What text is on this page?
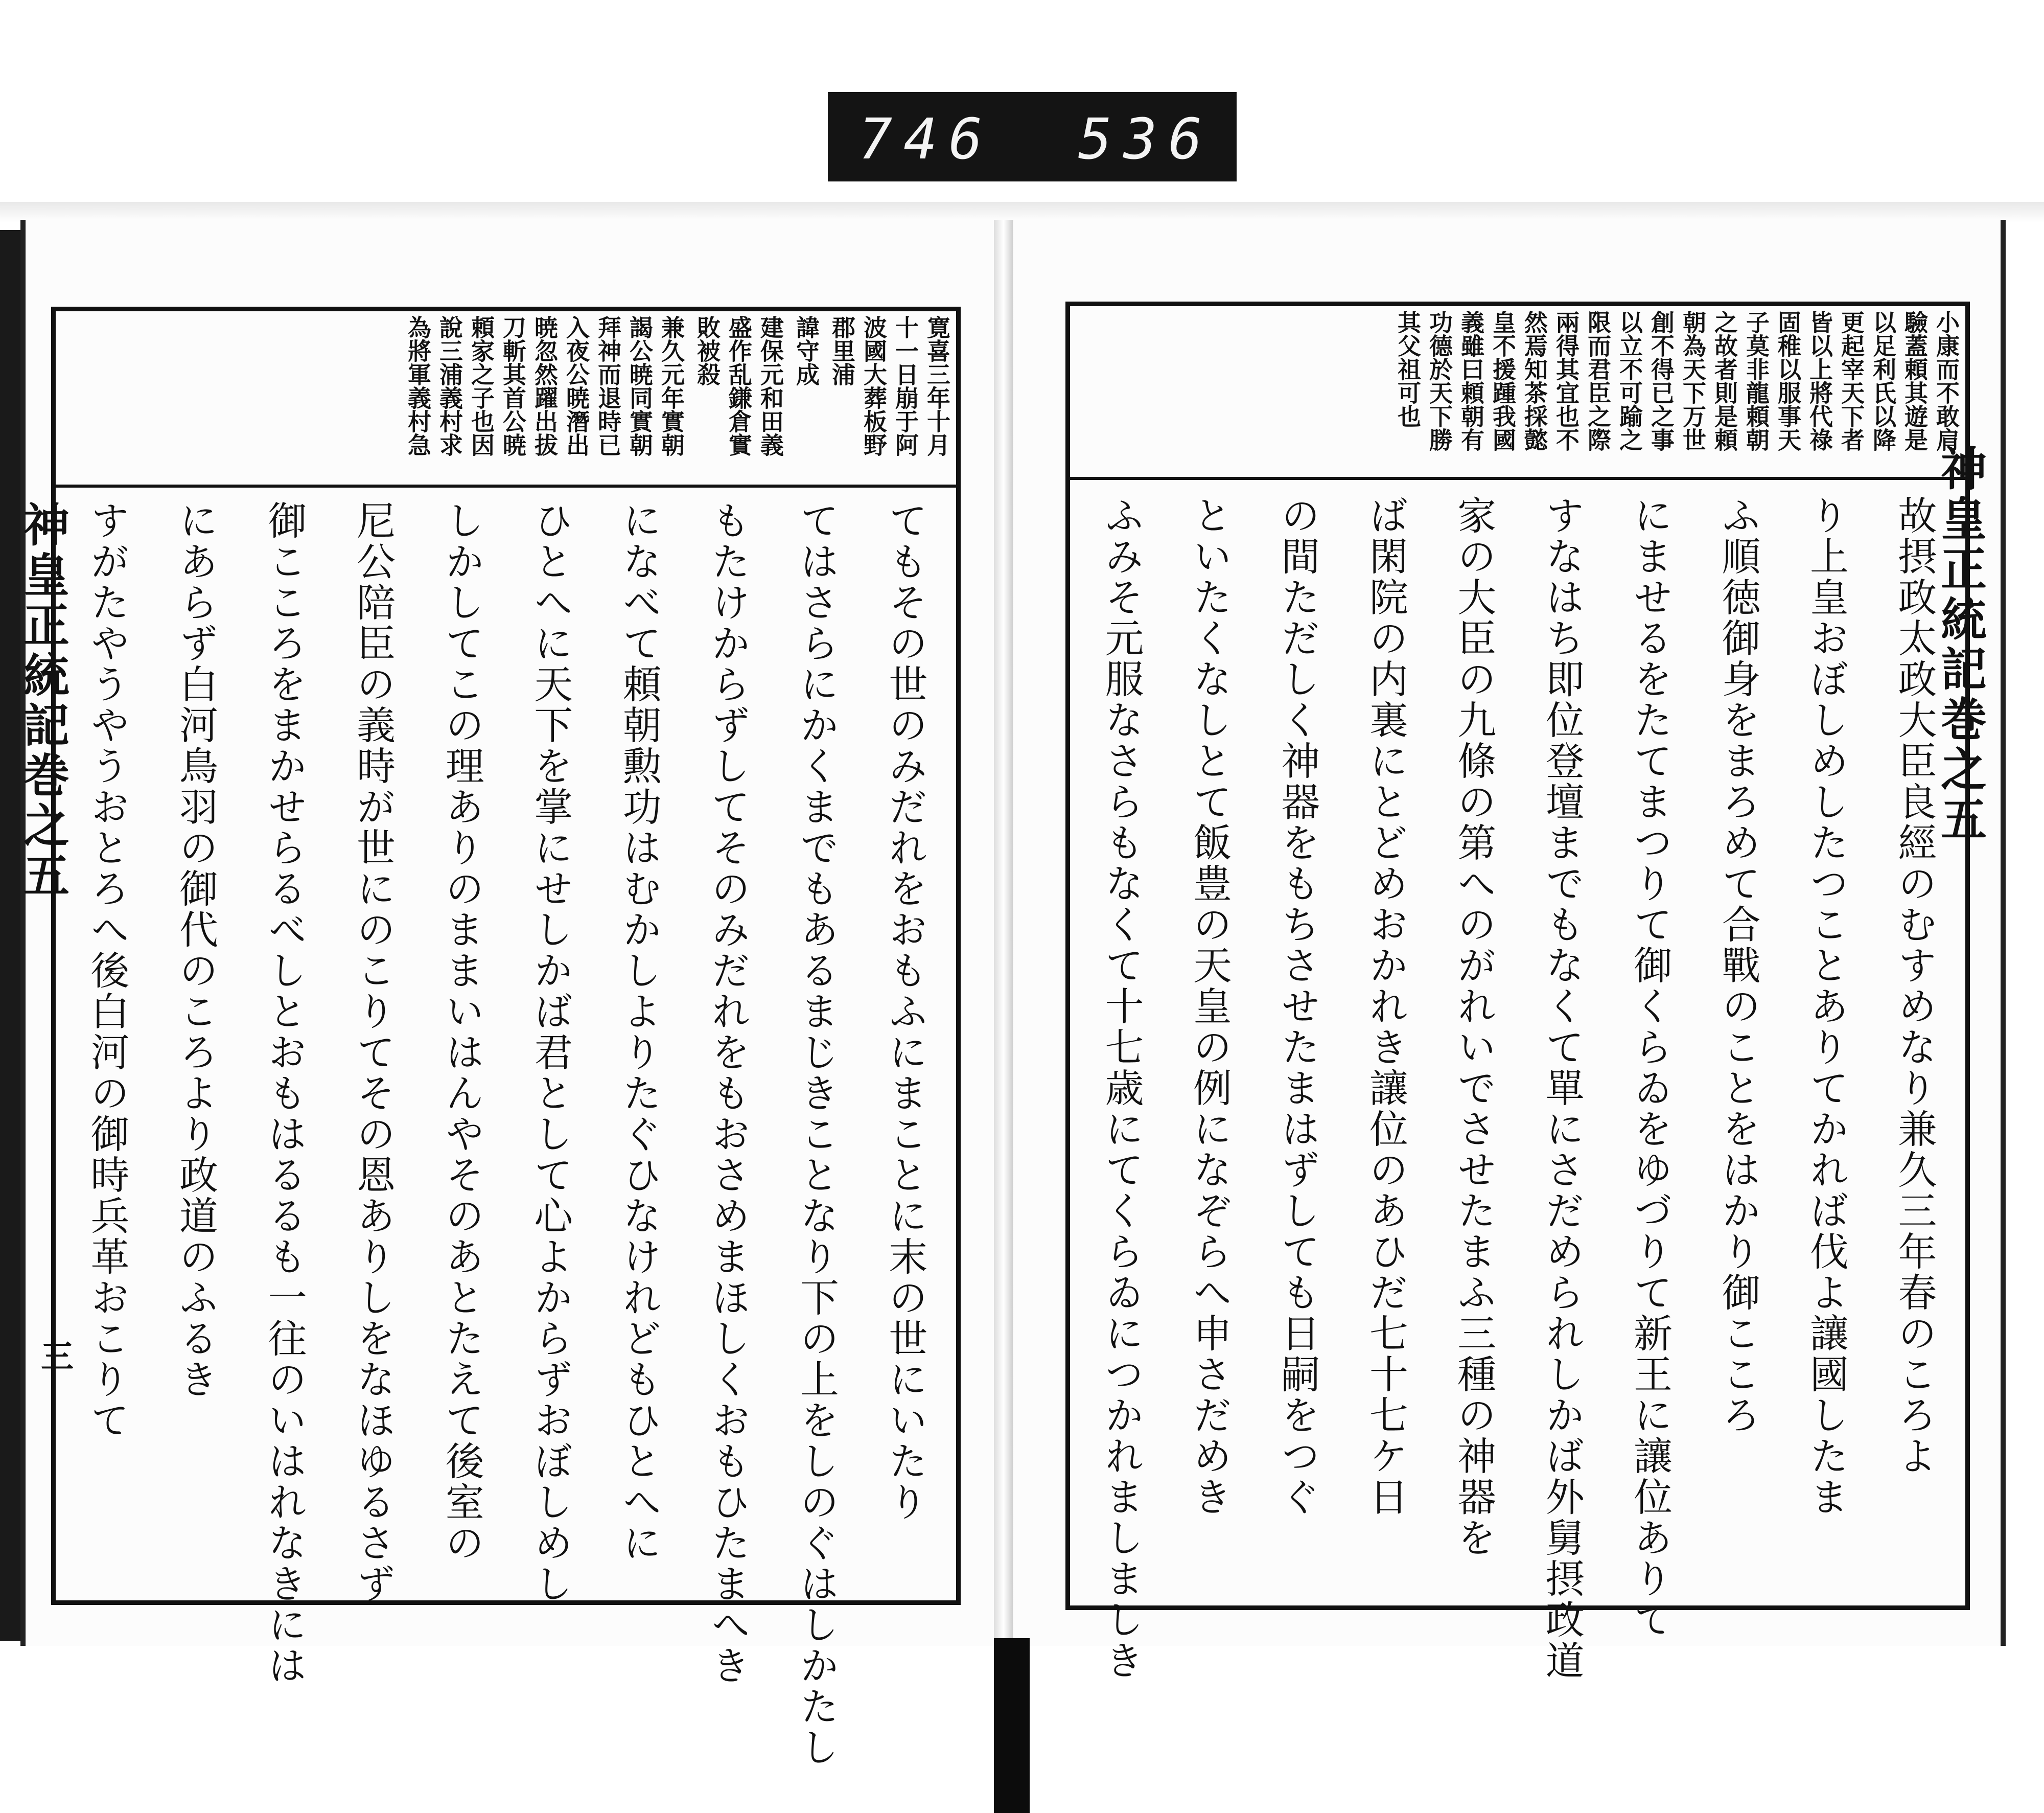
746 536
神皇正統記巻之五
三
神皇正統記巻之五
小康而不敢肩
驗蓋頼其遊是
以足利氏以降
更起宰天下者
皆以上將代祿
固稚以服事天
子莫非龍頼朝
之故者則是頼
朝為天下万世
創不得已之事
以立不可踰之
限而君臣之際
兩得其宜也不
然焉知茶採懿
皇不援踵我國
義雖曰頼朝有
功德於天下勝
其父祖可也
故摂政太政大臣良經のむすめなり兼久三年春のころよ
り上皇おぼしめしたつことありてかれば伐よ讓國したま
ふ順徳御身をまろめて合戰のことをはかり御こころ
にませるをたてまつりて御くらゐをゆづりて新王に讓位ありて
すなはち即位登壇までもなくて單にさだめられしかば外舅摂政道
家の大臣の九條の第へのがれいでさせたまふ三種の神器を
ば閑院の内裏にとどめおかれき讓位のあひだ七十七ケ日
の間ただしく神器をもちさせたまはずしても日嗣をつぐ
といたくなしとて飯豊の天皇の例になぞらへ申さだめき
ふみそ元服なさらもなくて十七歳にてくらゐにつかれましましき
寛喜三年十月
十一日崩于阿
波國大葬板野
郡里浦
諱守成
建保元和田義
盛作乱鎌倉實
敗被殺
兼久元年實朝
謁公暁同實朝
拜神而退時已
入夜公暁潛出
暁忽然躍出拔
刀斬其首公暁
頼家之子也因
說三浦義村求
為將軍義村急
てもその世のみだれをおもふにまことに末の世にいたり
てはさらにかくまでもあるまじきことなり下の上をしのぐはしかたし
もたけからずしてそのみだれをもおさめまほしくおもひたまへき
になべて頼朝勲功はむかしよりたぐひなけれどもひとへに
ひとへに天下を掌にせしかば君として心よからずおぼしめし
しかしてこの理ありのままいはんやそのあとたえて後室の
尼公陪臣の義時が世にのこりてその恩ありしをなほゆるさず
御こころをまかせらるべしとおもはるるも一往のいはれなきには
にあらず白河鳥羽の御代のころより政道のふるき
すがたやうやうおとろへ後白河の御時兵革おこりて
